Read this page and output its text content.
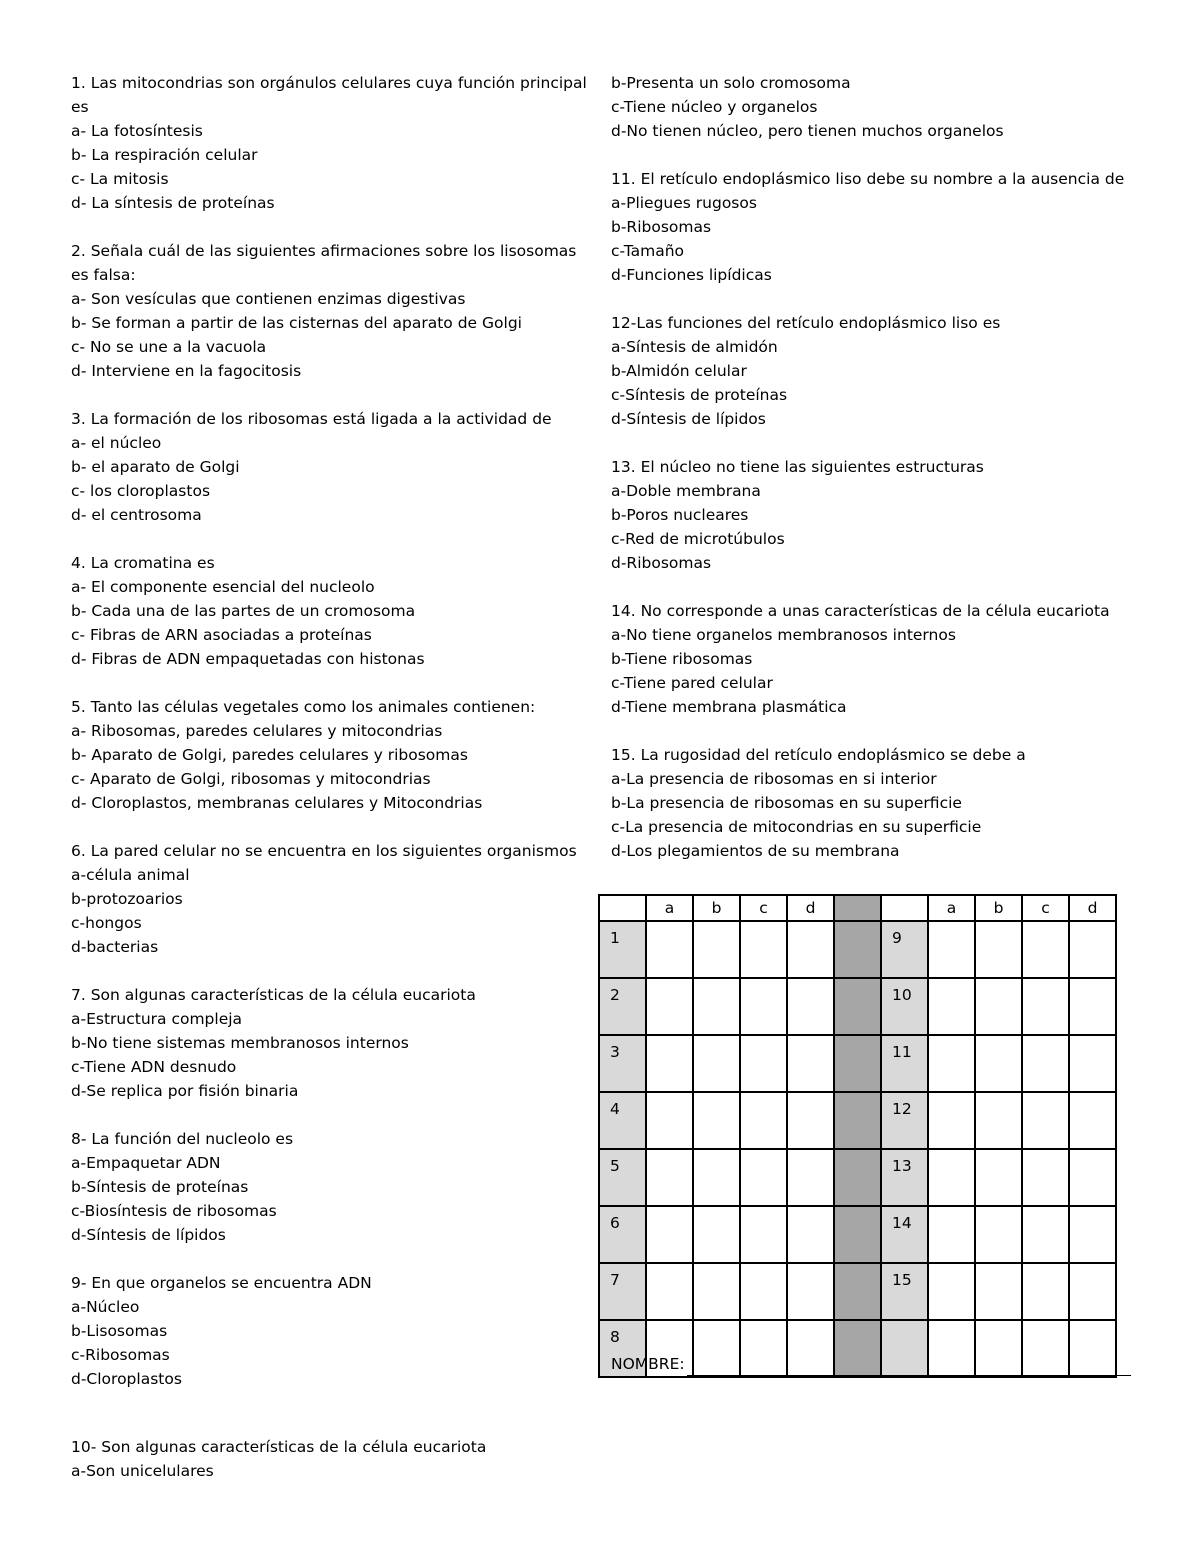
1. Las mitocondrias son orgánulos celulares cuya función principal es
a- La fotosíntesis
b- La respiración celular
c- La mitosis
d- La síntesis de proteínas
2. Señala cuál de las siguientes afirmaciones sobre los lisosomas es falsa:
a- Son vesículas que contienen enzimas digestivas
b- Se forman a partir de las cisternas del aparato de Golgi
c- No se une a la vacuola
d- Interviene en la fagocitosis
3. La formación de los ribosomas está ligada a la actividad de
a- el núcleo
b- el aparato de Golgi
c- los cloroplastos
d- el centrosoma
4. La cromatina es
a- El componente esencial del nucleolo
b- Cada una de las partes de un cromosoma
c- Fibras de ARN asociadas a proteínas
d- Fibras de ADN empaquetadas con histonas
5. Tanto las células vegetales como los animales contienen:
a- Ribosomas, paredes celulares y mitocondrias
b- Aparato de Golgi, paredes celulares y ribosomas
c- Aparato de Golgi, ribosomas y mitocondrias
d- Cloroplastos, membranas celulares y Mitocondrias
6. La pared celular no se encuentra en los siguientes organismos
a-célula animal
b-protozoarios
c-hongos
d-bacterias
7. Son algunas características de la célula eucariota
a-Estructura compleja
b-No tiene sistemas membranosos internos
c-Tiene ADN desnudo
d-Se replica por fisión binaria
8- La función del nucleolo es
a-Empaquetar ADN
b-Síntesis de proteínas
c-Biosíntesis de ribosomas
d-Síntesis de lípidos
9- En que organelos se encuentra ADN
a-Núcleo
b-Lisosomas
c-Ribosomas
d-Cloroplastos
b-Presenta un solo cromosoma
c-Tiene núcleo y organelos
d-No tienen núcleo, pero tienen muchos organelos
11. El retículo endoplásmico liso debe su nombre a la ausencia de
a-Pliegues rugosos
b-Ribosomas
c-Tamaño
d-Funciones lipídicas
12-Las funciones del retículo endoplásmico liso es
a-Síntesis de almidón
b-Almidón celular
c-Síntesis de proteínas
d-Síntesis de lípidos
13. El núcleo no tiene las siguientes estructuras
a-Doble membrana
b-Poros nucleares
c-Red de microtúbulos
d-Ribosomas
14. No corresponde a unas características de la célula eucariota
a-No tiene organelos membranosos internos
b-Tiene ribosomas
c-Tiene pared celular
d-Tiene membrana plasmática
15. La rugosidad del retículo endoplásmico se debe a
a-La presencia de ribosomas en si interior
b-La presencia de ribosomas en su superficie
c-La presencia de mitocondrias en su superficie
d-Los plegamientos de su membrana
	a	b	c	d			a	b	c	d
1						9				
2						10				
3						11				
4						12				
5						13				
6						14				
7						15				
8										
NOMBRE:
10- Son algunas características de la célula eucariota
a-Son unicelulares
